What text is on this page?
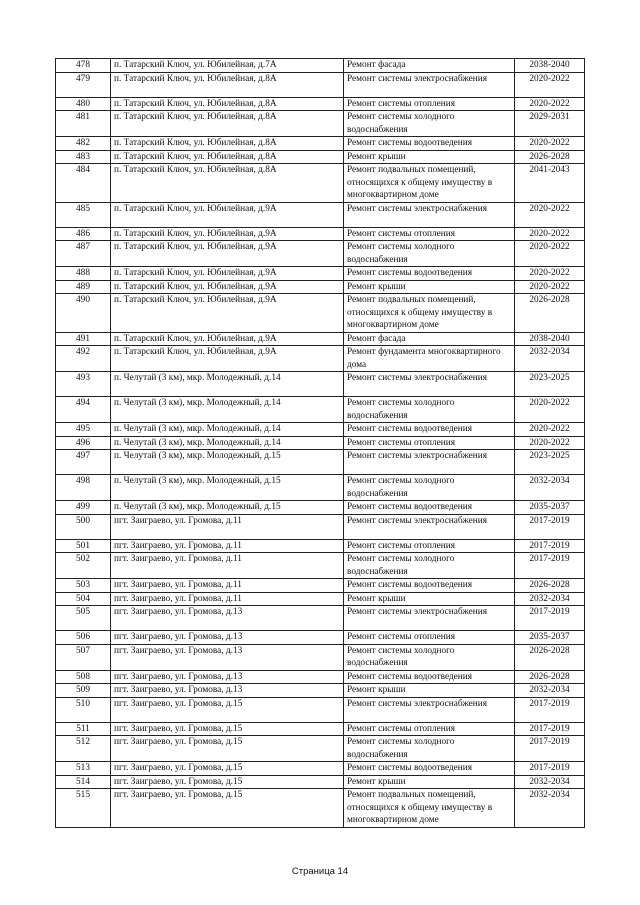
478	п. Татарский Ключ, ул. Юбилейная, д.7А	Ремонт фасада	2038-2040
479	п. Татарский Ключ, ул. Юбилейная, д.8А	Ремонт системы электроснабжения	2020-2022
480	п. Татарский Ключ, ул. Юбилейная, д.8А	Ремонт системы отопления	2020-2022
481	п. Татарский Ключ, ул. Юбилейная, д.8А	Ремонт системы холодного водоснабжения	2029-2031
482	п. Татарский Ключ, ул. Юбилейная, д.8А	Ремонт системы водоотведения	2020-2022
483	п. Татарский Ключ, ул. Юбилейная, д.8А	Ремонт крыши	2026-2028
484	п. Татарский Ключ, ул. Юбилейная, д.8А	Ремонт подвальных помещений, относящихся к общему имуществу в многоквартирном доме	2041-2043
485	п. Татарский Ключ, ул. Юбилейная, д.9А	Ремонт системы электроснабжения	2020-2022
486	п. Татарский Ключ, ул. Юбилейная, д.9А	Ремонт системы отопления	2020-2022
487	п. Татарский Ключ, ул. Юбилейная, д.9А	Ремонт системы холодного водоснабжения	2020-2022
488	п. Татарский Ключ, ул. Юбилейная, д.9А	Ремонт системы водоотведения	2020-2022
489	п. Татарский Ключ, ул. Юбилейная, д.9А	Ремонт крыши	2020-2022
490	п. Татарский Ключ, ул. Юбилейная, д.9А	Ремонт подвальных помещений, относящихся к общему имуществу в многоквартирном доме	2026-2028
491	п. Татарский Ключ, ул. Юбилейная, д.9А	Ремонт фасада	2038-2040
492	п. Татарский Ключ, ул. Юбилейная, д.9А	Ремонт фундамента многоквартирного дома	2032-2034
493	п. Челутай (3 км), мкр. Молодежный, д.14	Ремонт системы электроснабжения	2023-2025
494	п. Челутай (3 км), мкр. Молодежный, д.14	Ремонт системы холодного водоснабжения	2020-2022
495	п. Челутай (3 км), мкр. Молодежный, д.14	Ремонт системы водоотведения	2020-2022
496	п. Челутай (3 км), мкр. Молодежный, д.14	Ремонт системы отопления	2020-2022
497	п. Челутай (3 км), мкр. Молодежный, д.15	Ремонт системы электроснабжения	2023-2025
498	п. Челутай (3 км), мкр. Молодежный, д.15	Ремонт системы холодного водоснабжения	2032-2034
499	п. Челутай (3 км), мкр. Молодежный, д.15	Ремонт системы водоотведения	2035-2037
500	пгт. Заиграево, ул. Громова, д.11	Ремонт системы электроснабжения	2017-2019
501	пгт. Заиграево, ул. Громова, д.11	Ремонт системы отопления	2017-2019
502	пгт. Заиграево, ул. Громова, д.11	Ремонт системы холодного водоснабжения	2017-2019
503	пгт. Заиграево, ул. Громова, д.11	Ремонт системы водоотведения	2026-2028
504	пгт. Заиграево, ул. Громова, д.11	Ремонт крыши	2032-2034
505	пгт. Заиграево, ул. Громова, д.13	Ремонт системы электроснабжения	2017-2019
506	пгт. Заиграево, ул. Громова, д.13	Ремонт системы отопления	2035-2037
507	пгт. Заиграево, ул. Громова, д.13	Ремонт системы холодного водоснабжения	2026-2028
508	пгт. Заиграево, ул. Громова, д.13	Ремонт системы водоотведения	2026-2028
509	пгт. Заиграево, ул. Громова, д.13	Ремонт крыши	2032-2034
510	пгт. Заиграево, ул. Громова, д.15	Ремонт системы электроснабжения	2017-2019
511	пгт. Заиграево, ул. Громова, д.15	Ремонт системы отопления	2017-2019
512	пгт. Заиграево, ул. Громова, д.15	Ремонт системы холодного водоснабжения	2017-2019
513	пгт. Заиграево, ул. Громова, д.15	Ремонт системы водоотведения	2017-2019
514	пгт. Заиграево, ул. Громова, д.15	Ремонт крыши	2032-2034
515	пгт. Заиграево, ул. Громова, д.15	Ремонт подвальных помещений, относящихся к общему имуществу в многоквартирном доме	2032-2034
Страница 14
